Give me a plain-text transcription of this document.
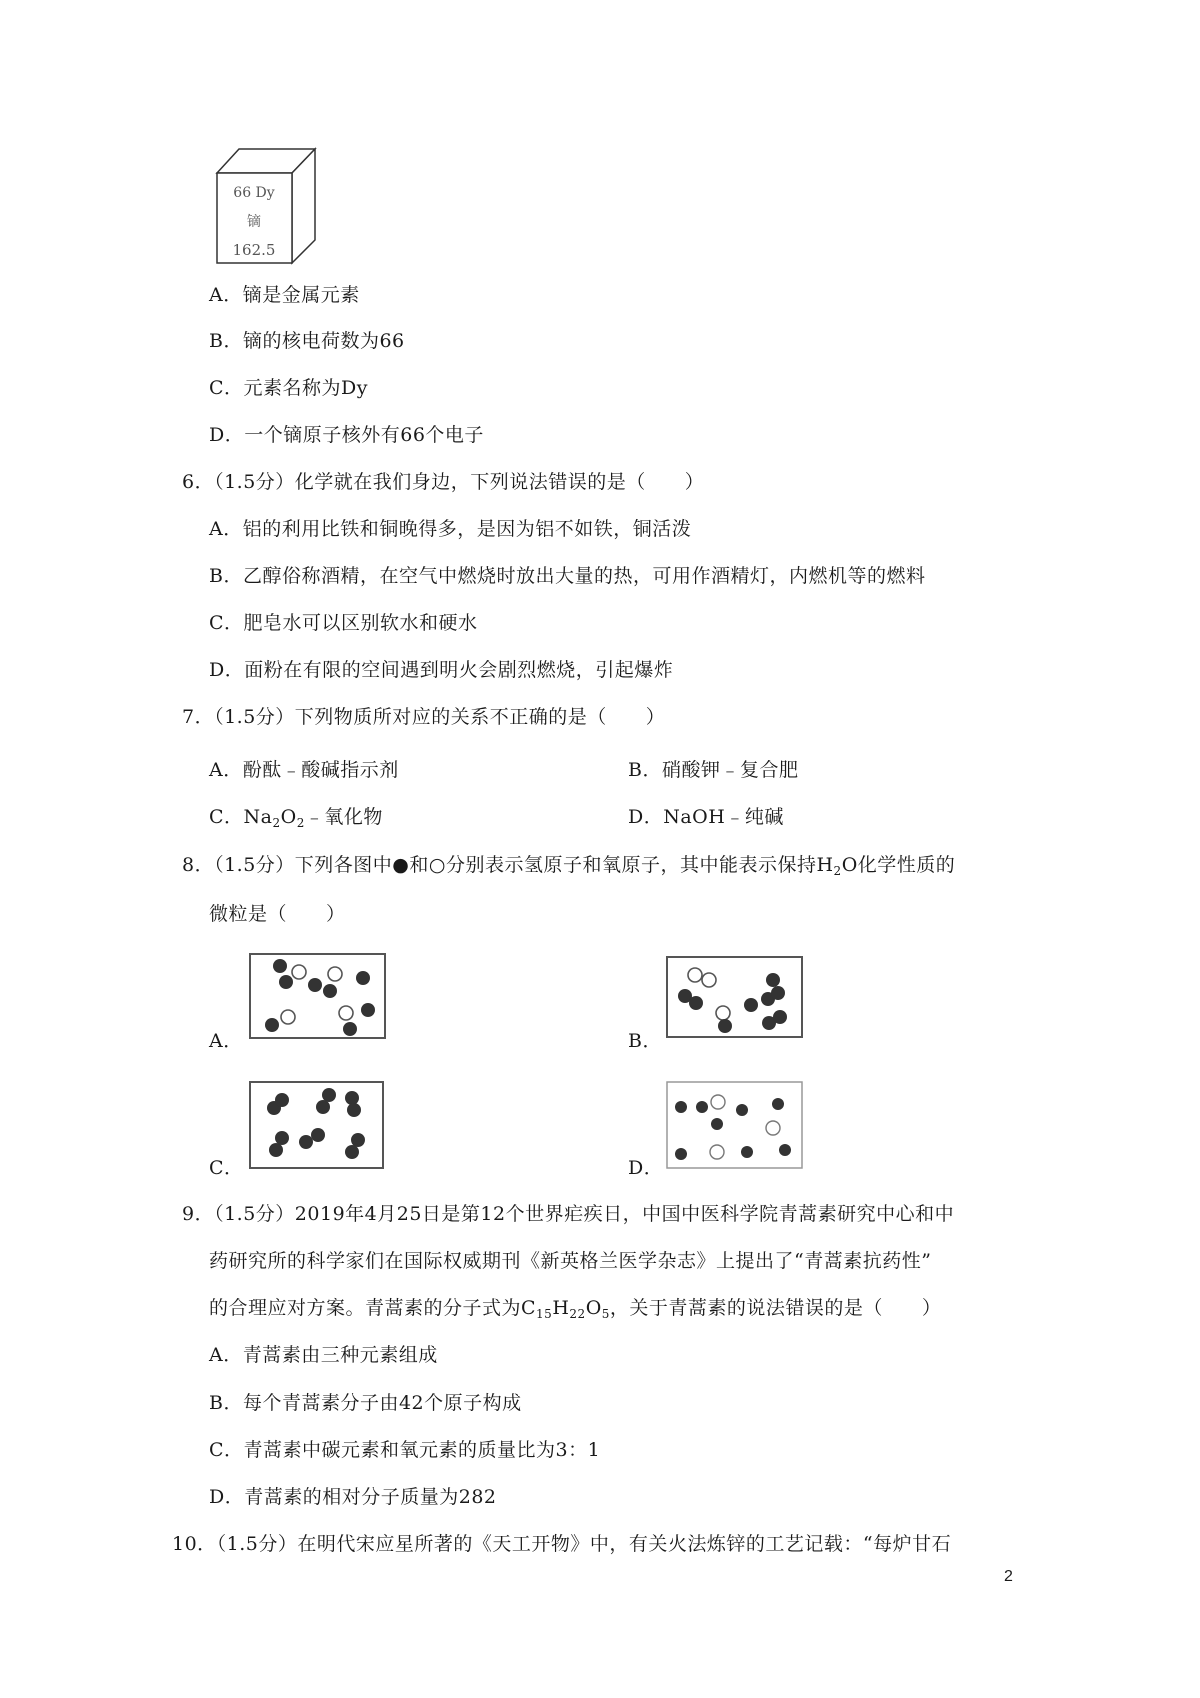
66 Dy
镝
162.5
A．镝是金属元素
B．镝的核电荷数为66
C．元素名称为Dy
D．一个镝原子核外有66个电子
6．（1.5分）化学就在我们身边，下列说法错误的是（　　）
A．铝的利用比铁和铜晚得多，是因为铝不如铁，铜活泼
B．乙醇俗称酒精，在空气中燃烧时放出大量的热，可用作酒精灯，内燃机等的燃料
C．肥皂水可以区别软水和硬水
D．面粉在有限的空间遇到明火会剧烈燃烧，引起爆炸
7．（1.5分）下列物质所对应的关系不正确的是（　　）
A．酚酞﹣酸碱指示剂	B．硝酸钾﹣复合肥
C．$Na_2O_2﹣$氧化物	D．NaOH﹣纯碱
8．（1.5分）下列各图中●和○分别表示氢原子和氧原子，其中能表示保持$H_2O$化学性质的
微粒是（　　）
A．	B．
C．	D．
9．（1.5分）2019年4月25日是第12个世界疟疾日，中国中医科学院青蒿素研究中心和中
药研究所的科学家们在国际权威期刊《新英格兰医学杂志》上提出了“青蒿素抗药性”
的合理应对方案。青蒿素的分子式为$C_{15}H_{22}O_5$，关于青蒿素的说法错误的是（　　）
A．青蒿素由三种元素组成
B．每个青蒿素分子由42个原子构成
C．青蒿素中碳元素和氧元素的质量比为3：1
D．青蒿素的相对分子质量为282
10．（1.5分）在明代宋应星所著的《天工开物》中，有关火法炼锌的工艺记载：“每炉甘石
2
